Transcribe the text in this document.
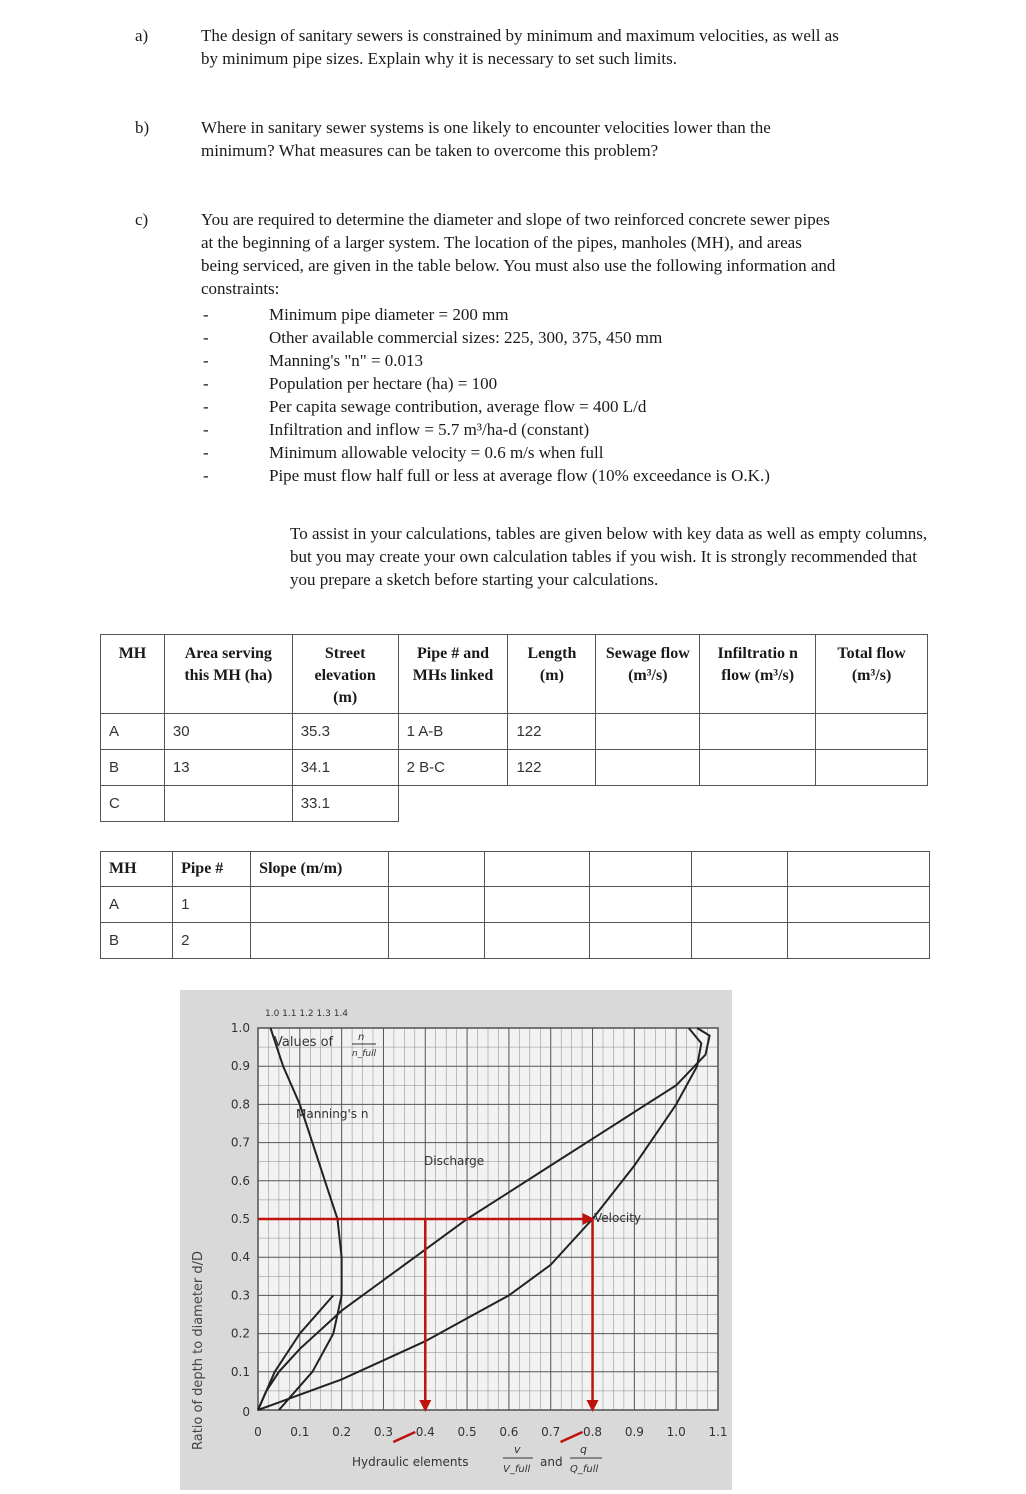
a)	The design of sanitary sewers is constrained by minimum and maximum velocities, as well as by minimum pipe sizes. Explain why it is necessary to set such limits.
b)	Where in sanitary sewer systems is one likely to encounter velocities lower than the minimum? What measures can be taken to overcome this problem?
c)	You are required to determine the diameter and slope of two reinforced concrete sewer pipes at the beginning of a larger system. The location of the pipes, manholes (MH), and areas being serviced, are given in the table below. You must also use the following information and constraints:
-	Minimum pipe diameter = 200 mm
-	Other available commercial sizes: 225, 300, 375, 450 mm
-	Manning's "n" = 0.013
-	Population per hectare (ha) = 100
-	Per capita sewage contribution, average flow = 400 L/d
-	Infiltration and inflow = 5.7 m³/ha-d (constant)
-	Minimum allowable velocity = 0.6 m/s when full
-	Pipe must flow half full or less at average flow (10% exceedance is O.K.)
To assist in your calculations, tables are given below with key data as well as empty columns, but you may create your own calculation tables if you wish. It is strongly recommended that you prepare a sketch before starting your calculations.
MH	Area serving this MH (ha)	Street elevation (m)	Pipe # and MHs linked	Length (m)	Sewage flow (m³/s)	Infiltratio n flow (m³/s)	Total flow (m³/s)
A	30	35.3	1 A-B	122			
B	13	34.1	2 B-C	122			
C		33.1					
MH	Pipe #	Slope (m/m)					
A	1						
B	2						
0 0.1 0.2 0.3 0.4 0.5 0.6 0.7 0.8 0.9 1.0 1.1
0.1
0.2
0.3
0.4
0.5
0.6
0.7
0.8
0.9
1.0
0
1.0 1.1 1.2 1.3 1.4
Values of n
n_full
Manning's n
Discharge
Velocity
Ratio of depth to diameter d/D
Hydraulic elements
v
V_full
and
q
Q_full
